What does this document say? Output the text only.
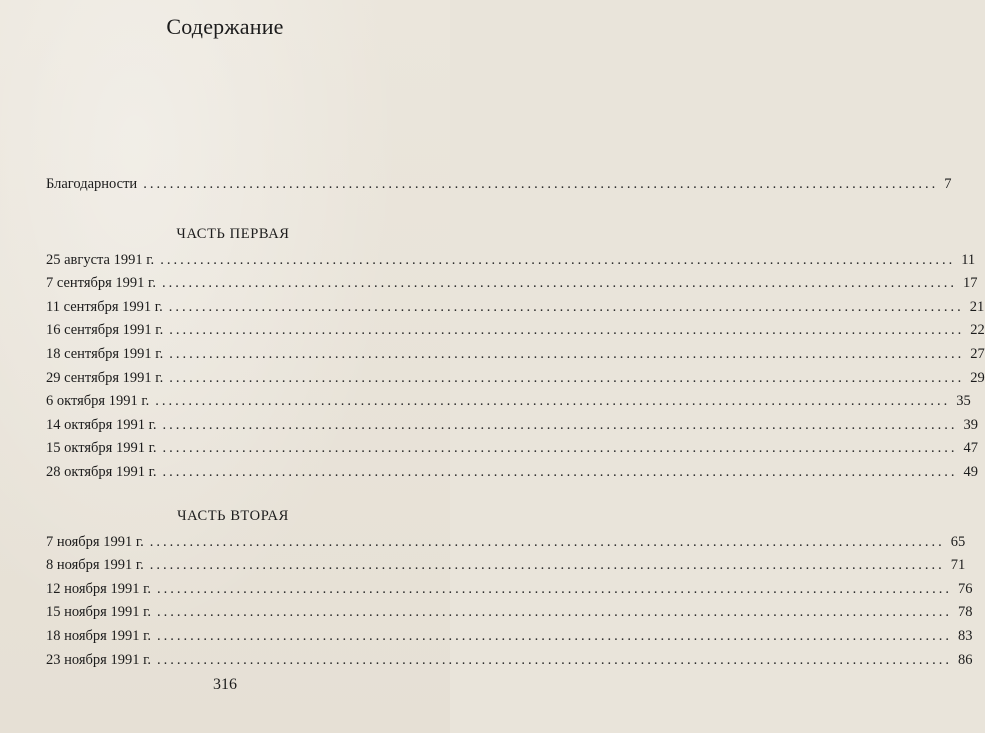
Содержание
Благодарности ........................................................................................................................ 7
ЧАСТЬ ПЕРВАЯ
25 августа 1991 г. ........................................................................................................................ 11
7 сентября 1991 г. ........................................................................................................................ 17
11 сентября 1991 г. ........................................................................................................................ 21
16 сентября 1991 г. ........................................................................................................................ 22
18 сентября 1991 г. ........................................................................................................................ 27
29 сентября 1991 г. ........................................................................................................................ 29
6 октября 1991 г. ........................................................................................................................ 35
14 октября 1991 г. ........................................................................................................................ 39
15 октября 1991 г. ........................................................................................................................ 47
28 октября 1991 г. ........................................................................................................................ 49
ЧАСТЬ ВТОРАЯ
7 ноября 1991 г. ........................................................................................................................ 65
8 ноября 1991 г. ........................................................................................................................ 71
12 ноября 1991 г. ........................................................................................................................ 76
15 ноября 1991 г. ........................................................................................................................ 78
18 ноября 1991 г. ........................................................................................................................ 83
23 ноября 1991 г. ........................................................................................................................ 86
316
